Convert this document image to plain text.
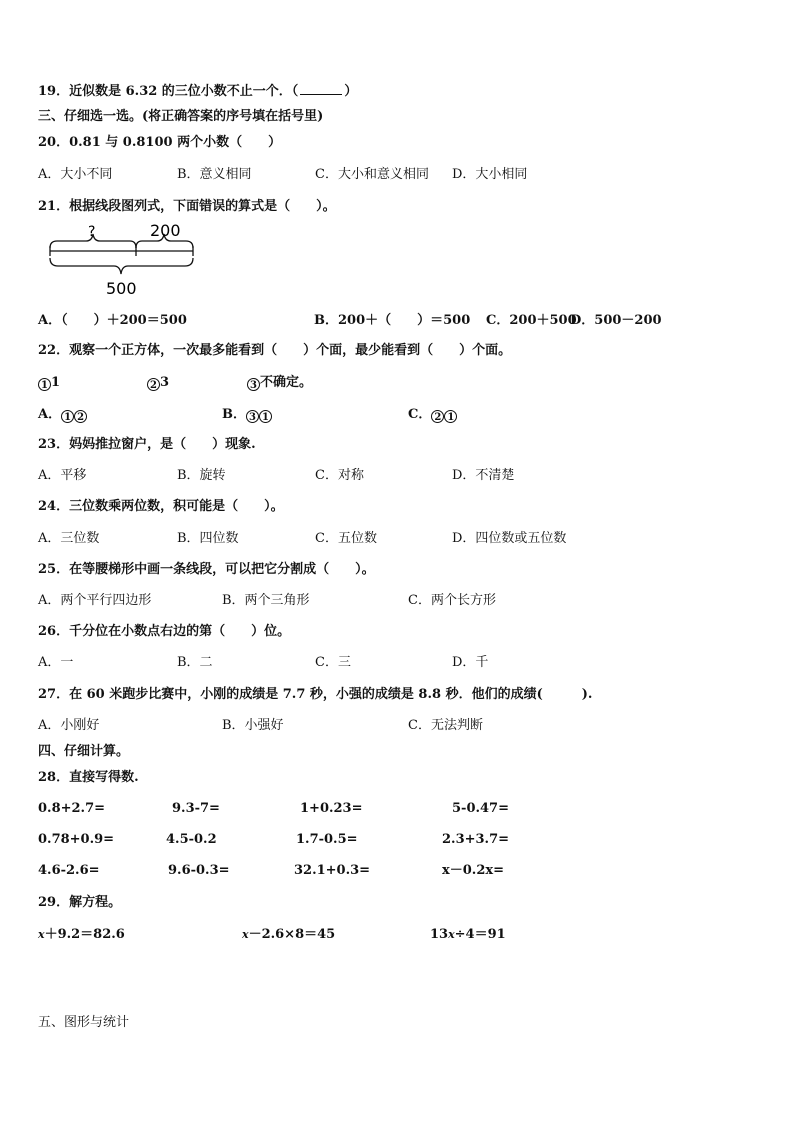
19．近似数是 6.32 的三位小数不止一个．（	）
三、仔细选一选。(将正确答案的序号填在括号里)
20．0.81 与 0.8100 两个小数（　　）
A．大小不同	B．意义相同	C．大小和意义相同 D．大小相同
21．根据线段图列式，下面错误的算式是（　　）。
?	200
500
A．（　　）＋200＝500	B．200＋（　　）＝500 C．200＋500
D．500－200
22．观察一个正方体，一次最多能看到（　　）个面，最少能看到（　　）个面。
1 1	2 3	3 不确定。
A． 1 2	B． 3 1	C． 2 1
23．妈妈推拉窗户，是（　　）现象.
A．平移	B．旋转	C．对称	D．不清楚
24．三位数乘两位数，积可能是（　　）。
A．三位数	B．四位数	C．五位数	D．四位数或五位数
25．在等腰梯形中画一条线段，可以把它分割成（　　）。
A．两个平行四边形	B．两个三角形	C．两个长方形
26．千分位在小数点右边的第（　　）位。
A．一	B．二	C．三	D．千
27．在 60 米跑步比赛中，小刚的成绩是 7.7 秒，小强的成绩是 8.8 秒．他们的成绩(　　　).
A．小刚好	B．小强好	C．无法判断
四、仔细计算。
28．直接写得数.
0.8+2.7=	9.3-7=	1+0.23=	5-0.47=
0.78+0.9=	4.5-0.2	1.7-0.5=	2.3+3.7=
4.6-2.6=	9.6-0.3=	32.1+0.3=	x－0.2x=
29．解方程。
x＋9.2＝82.6	x－2.6×8＝45	13x÷4＝91
五、图形与统计
